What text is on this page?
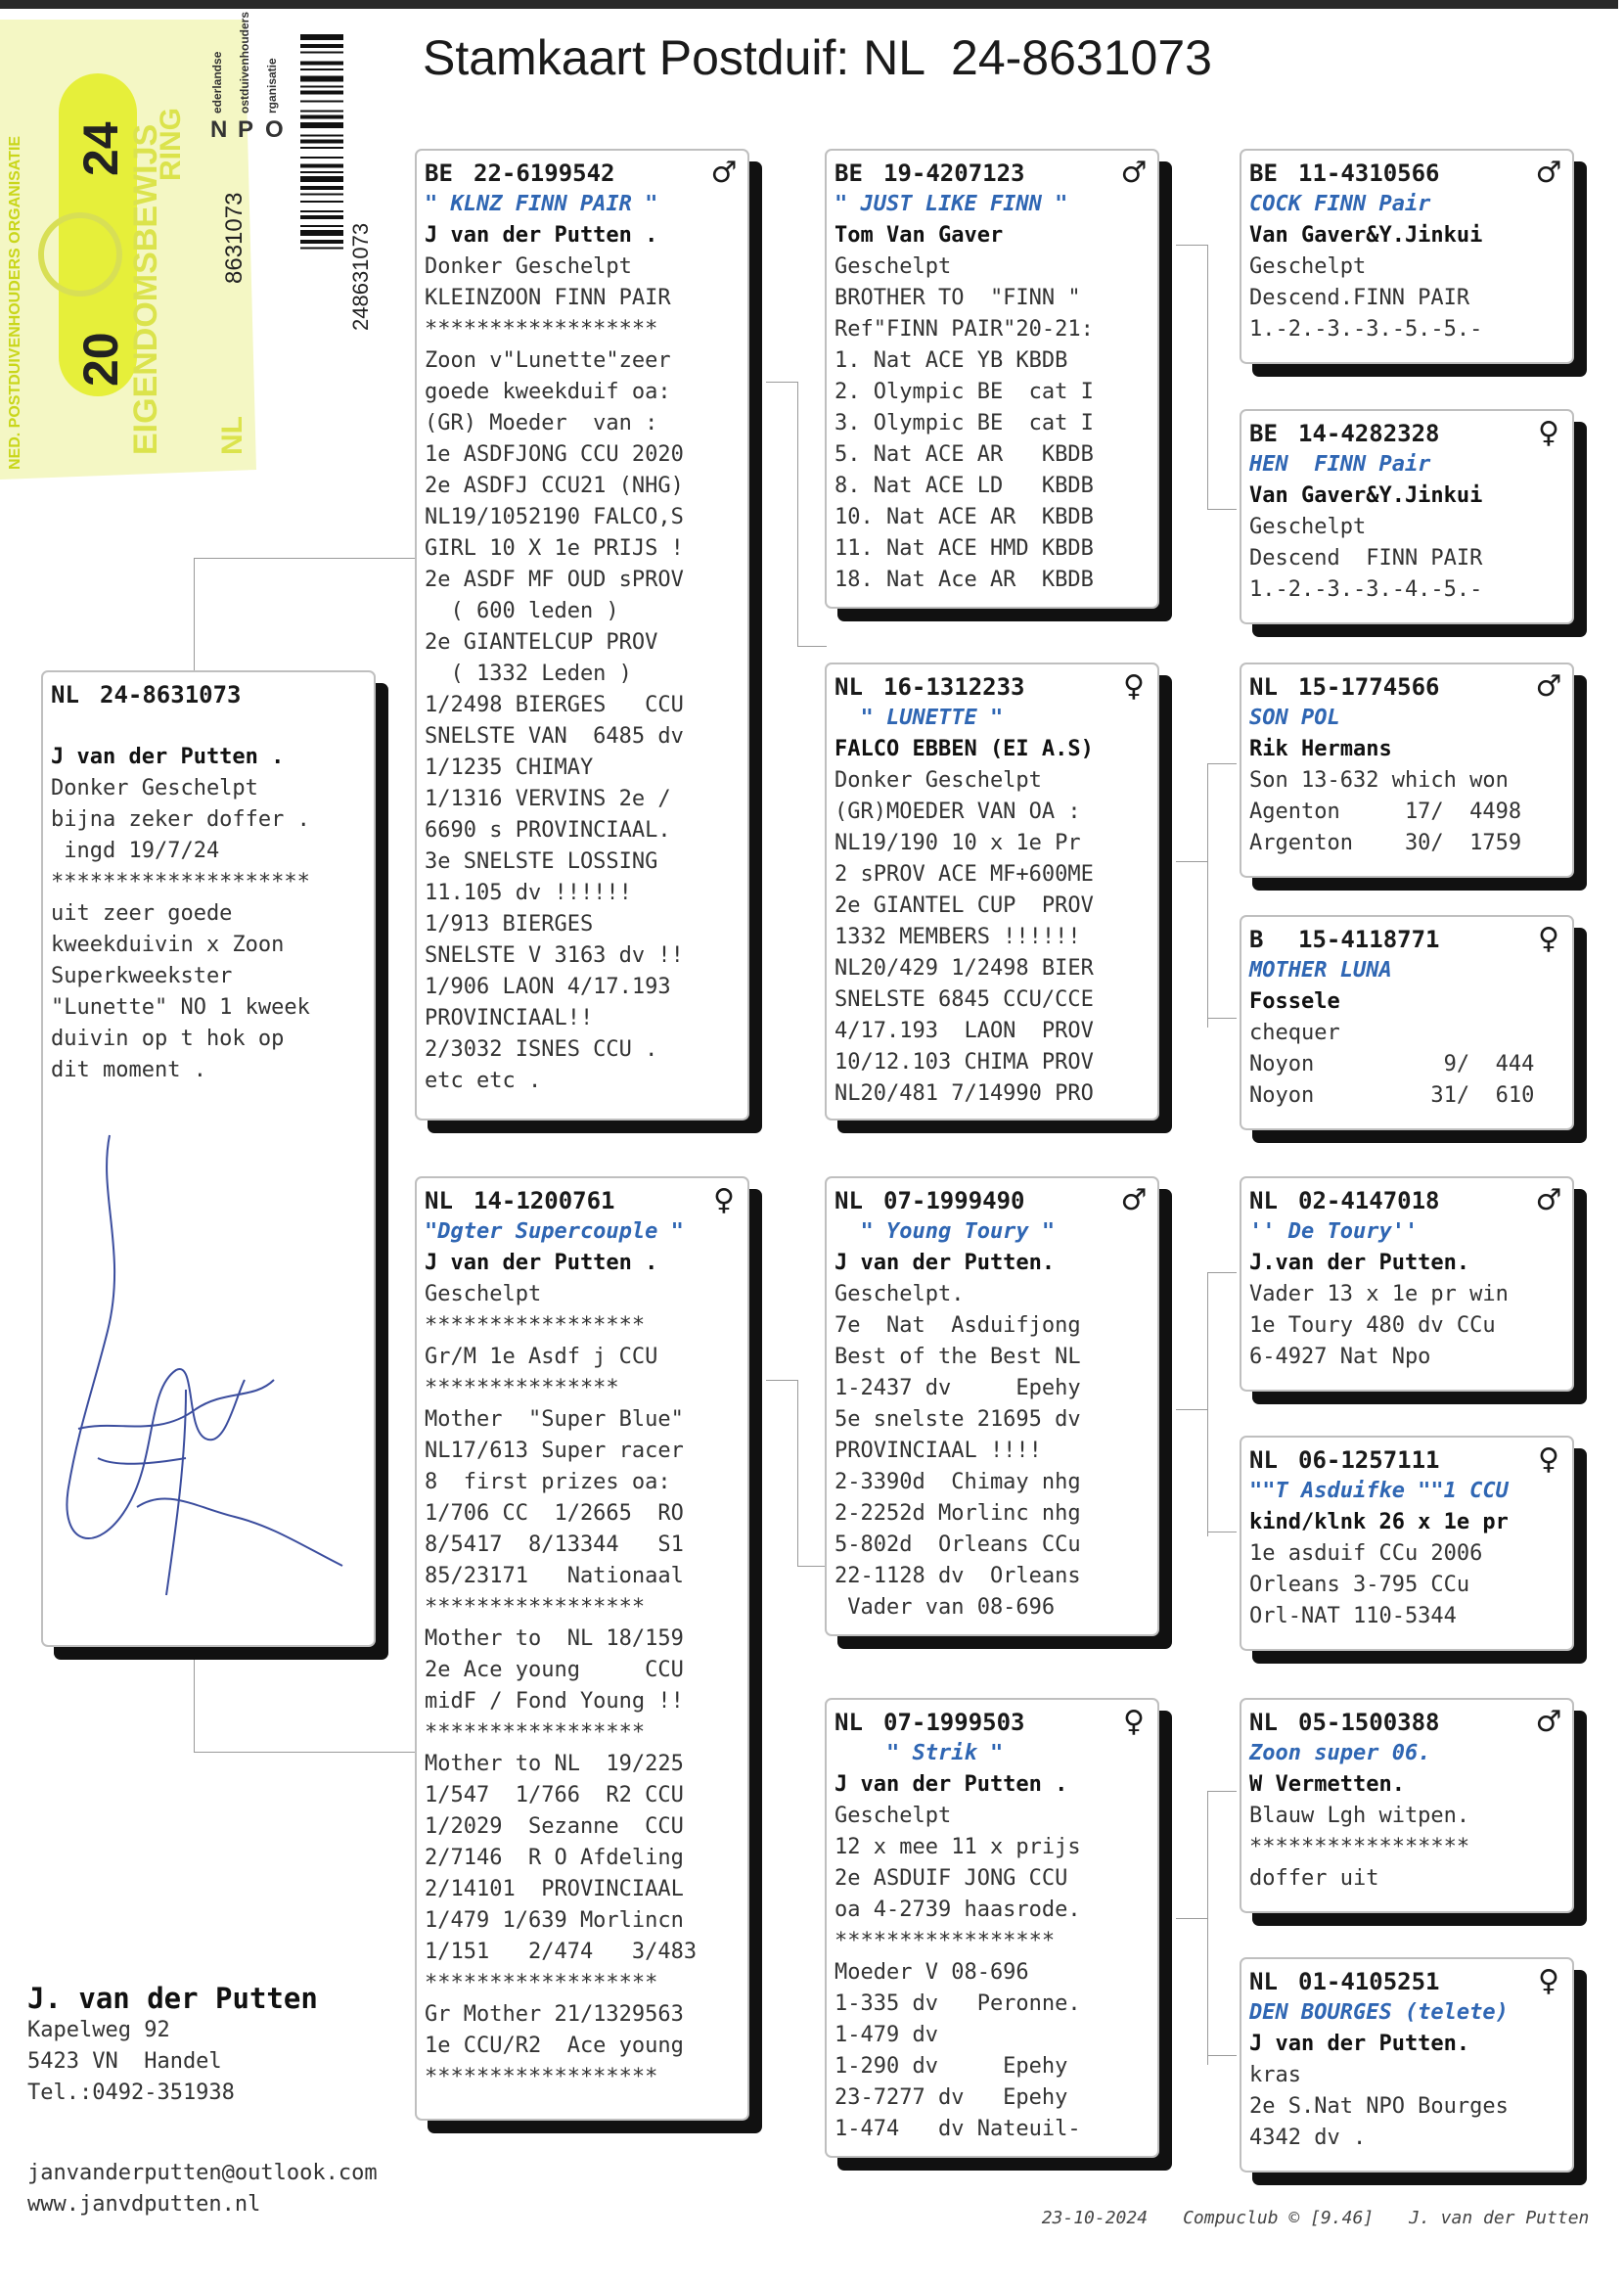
Stamkaart Postduif: NL  24-8631073
NED. POSTDUIVENHOUDERS ORGANISATIE	EIGENDOMSBEWIJS
RING
24
20
8631073
NL
N P O
ederlandse ostduivenhouders rganisatie
248631073
NL 24-8631073
J van der Putten .
Donker Geschelpt
bijna zeker doffer .
ingd 19/7/24
********************
uit zeer goede
kweekduivin x Zoon
Superkweekster
"Lunette" NO 1 kweek
duivin op t hok op
dit moment .
BE 22-6199542	♂
" KLNZ FINN PAIR "
J van der Putten .
Donker Geschelpt
KLEINZOON FINN PAIR
******************
Zoon v"Lunette"zeer
goede kweekduif oa:
(GR) Moeder  van :
1e ASDFJONG CCU 2020
2e ASDFJ CCU21 (NHG)
NL19/1052190 FALCO,S
GIRL 10 X 1e PRIJS !
2e ASDF MF OUD sPROV
( 600 leden )
2e GIANTELCUP PROV
( 1332 Leden )
1/2498 BIERGES   CCU
SNELSTE VAN  6485 dv
1/1235 CHIMAY
1/1316 VERVINS 2e /
6690 s PROVINCIAAL.
3e SNELSTE LOSSING
11.105 dv !!!!!!
1/913 BIERGES
SNELSTE V 3163 dv !!
1/906 LAON 4/17.193
PROVINCIAAL!!
2/3032 ISNES CCU .
etc etc .
NL 14-1200761	♀
"Dgter Supercouple "
J van der Putten .
Geschelpt
*****************
Gr/M 1e Asdf j CCU
***************
Mother  "Super Blue"
NL17/613 Super racer
8  first prizes oa:
1/706 CC  1/2665  RO
8/5417  8/13344   S1
85/23171   Nationaal
*****************
Mother to  NL 18/159
2e Ace young     CCU
midF / Fond Young !!
*****************
Mother to NL  19/225
1/547  1/766  R2 CCU
1/2029  Sezanne  CCU
2/7146  R O Afdeling
2/14101  PROVINCIAAL
1/479 1/639 Morlincn
1/151   2/474   3/483
******************
Gr Mother 21/1329563
1e CCU/R2  Ace young
******************
BE 19-4207123	♂
" JUST LIKE FINN "
Tom Van Gaver
Geschelpt
BROTHER TO  "FINN "
Ref"FINN PAIR"20-21:
1. Nat ACE YB KBDB
2. Olympic BE  cat I
3. Olympic BE  cat I
5. Nat ACE AR   KBDB
8. Nat ACE LD   KBDB
10. Nat ACE AR  KBDB
11. Nat ACE HMD KBDB
18. Nat Ace AR  KBDB
NL 16-1312233	♀
" LUNETTE "
FALCO EBBEN (EI A.S)
Donker Geschelpt
(GR)MOEDER VAN OA :
NL19/190 10 x 1e Pr
2 sPROV ACE MF+600ME
2e GIANTEL CUP  PROV
1332 MEMBERS !!!!!!
NL20/429 1/2498 BIER
SNELSTE 6845 CCU/CCE
4/17.193  LAON  PROV
10/12.103 CHIMA PROV
NL20/481 7/14990 PRO
NL 07-1999490	♂
" Young Toury "
J van der Putten.
Geschelpt.
7e  Nat  Asduifjong
Best of the Best NL
1-2437 dv     Epehy
5e snelste 21695 dv
PROVINCIAAL !!!!
2-3390d  Chimay nhg
2-2252d Morlinc nhg
5-802d  Orleans CCu
22-1128 dv  Orleans
Vader van 08-696
NL 07-1999503	♀
" Strik "
J van der Putten .
Geschelpt
12 x mee 11 x prijs
2e ASDUIF JONG CCU
oa 4-2739 haasrode.
*****************
Moeder V 08-696
1-335 dv   Peronne.
1-479 dv
1-290 dv     Epehy
23-7277 dv   Epehy
1-474   dv Nateuil-
BE 11-4310566	♂
COCK FINN Pair
Van Gaver&Y.Jinkui
Geschelpt
Descend.FINN PAIR
1.-2.-3.-3.-5.-5.-
BE 14-4282328	♀
HEN  FINN Pair
Van Gaver&Y.Jinkui
Geschelpt
Descend  FINN PAIR
1.-2.-3.-3.-4.-5.-
NL 15-1774566	♂
SON POL
Rik Hermans
Son 13-632 which won
Agenton     17/  4498
Argenton    30/  1759
B	15-4118771	♀
MOTHER LUNA
Fossele
chequer
Noyon          9/  444
Noyon         31/  610
NL 02-4147018	♂
'' De Toury''
J.van der Putten.
Vader 13 x 1e pr win
1e Toury 480 dv CCu
6-4927 Nat Npo
NL 06-1257111	♀
""T Asduifke ""1 CCU
kind/klnk 26 x 1e pr
1e asduif CCu 2006
Orleans 3-795 CCu
Orl-NAT 110-5344
NL 05-1500388	♂
Zoon super 06.
W Vermetten.
Blauw Lgh witpen.
*****************
doffer uit
NL 01-4105251	♀
DEN BOURGES (telete)
J van der Putten.
kras
2e S.Nat NPO Bourges
4342 dv .
J. van der Putten
Kapelweg 92
5423 VN  Handel
Tel.:0492-351938
janvanderputten@outlook.com
www.janvdputten.nl

23-10-2024 Compuclub © [9.46] J. van der Putten
